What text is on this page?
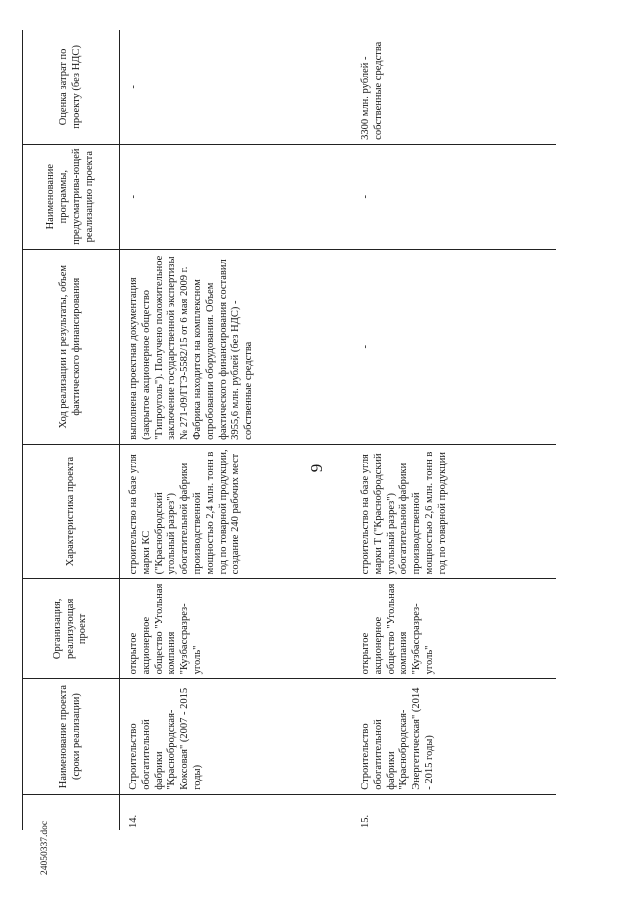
9
	Наименование проекта (сроки реализации)	Организация, реализующая проект	Характеристика проекта	Ход реализации и результаты, объем фактического финансирования	Наименование программы, предусматрива-ющей реализацию проекта	Оценка затрат по проекту (без НДС)
14.	Строительство обогатительной фабрики "Краснобродская-Коксовая" (2007 - 2015 годы)	открытое акционерное общество "Угольная компания "Кузбассразрез-уголь"	строительство на базе угля марки КС ("Краснобродский угольный разрез") обогатительной фабрики производственной мощностью 2,4 млн. тонн в год по товарной продукции, создание 240 рабочих мест	выполнена проектная документация (закрытое акционерное общество "Гипроуголь"). Получено положительное заключение государственной экспертизы № 271-09/ГГЭ-5582/15 от 6 мая 2009 г. Фабрика находится на комплексном опробовании оборудования. Объем фактического финансирования составил 3955,6 млн. рублей (без НДС) - собственные средства	-	-
15.	Строительство обогатительной фабрики "Краснобродская-Энергетическая" (2014 - 2015 годы)	открытое акционерное общество "Угольная компания "Кузбассразрез-уголь"	строительство на базе угля марки Т ("Краснобродский угольный разрез") обогатительной фабрики производственной мощностью 2,6 млн. тонн в год по товарной продукции	-	-	3300 млн. рублей - собственные средства
24050337.doc
